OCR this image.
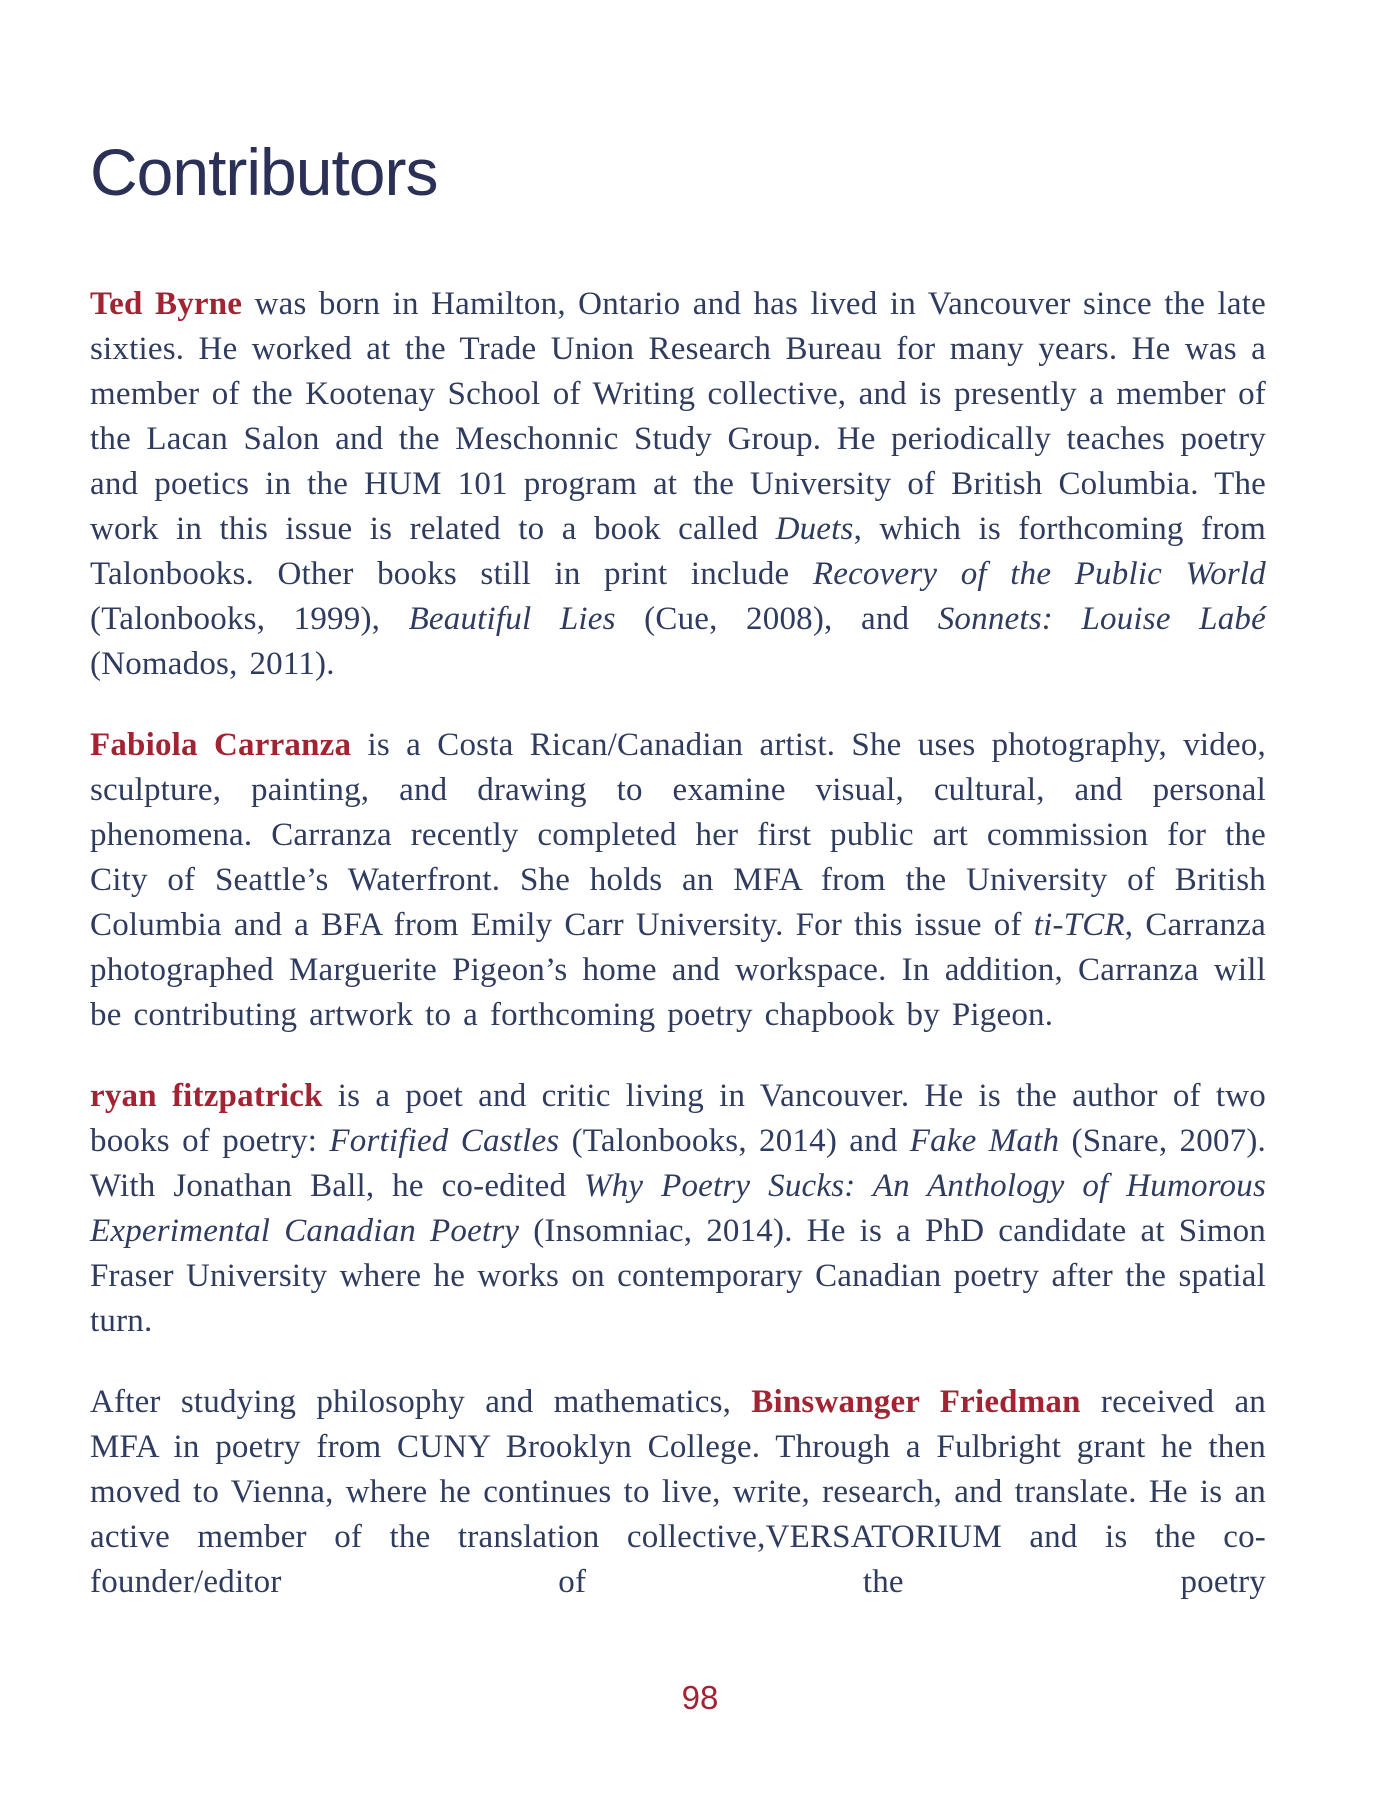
Contributors

Ted Byrne was born in Hamilton, Ontario and has lived in Vancouver since the late sixties. He worked at the Trade Union Research Bureau for many years. He was a member of the Kootenay School of Writing collective, and is presently a member of the Lacan Salon and the Meschonnic Study Group. He periodically teaches poetry and poetics in the HUM 101 program at the University of British Columbia. The work in this issue is related to a book called Duets, which is forthcoming from Talonbooks. Other books still in print include Recovery of the Public World (Talonbooks, 1999), Beautiful Lies (Cue, 2008), and Sonnets: Louise Labé (Nomados, 2011).

Fabiola Carranza is a Costa Rican/Canadian artist. She uses photography, video, sculpture, painting, and drawing to examine visual, cultural, and personal phenomena. Carranza recently completed her first public art commission for the City of Seattle’s Waterfront. She holds an MFA from the University of British Columbia and a BFA from Emily Carr University. For this issue of ti-TCR, Carranza photographed Marguerite Pigeon’s home and workspace. In addition, Carranza will be contributing artwork to a forthcoming poetry chapbook by Pigeon.

ryan fitzpatrick is a poet and critic living in Vancouver. He is the author of two books of poetry: Fortified Castles (Talonbooks, 2014) and Fake Math (Snare, 2007). With Jonathan Ball, he co-edited Why Poetry Sucks: An Anthology of Humorous Experimental Canadian Poetry (Insomniac, 2014). He is a PhD candidate at Simon Fraser University where he works on contemporary Canadian poetry after the spatial turn.

After studying philosophy and mathematics, Binswanger Friedman received an MFA in poetry from CUNY Brooklyn College. Through a Fulbright grant he then moved to Vienna, where he continues to live, write, research, and translate. He is an active member of the translation collective,VERSATORIUM and is the co-founder/editor of the poetry

98
